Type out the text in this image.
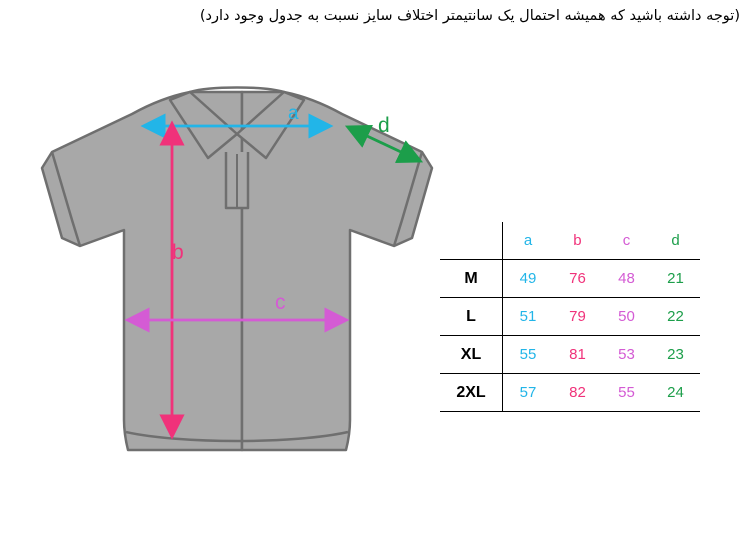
(توجه داشته باشید که همیشه احتمال یک سانتیمتر اختلاف سایز نسبت به جدول وجود دارد)
a
b
c
d
	a	b	c	d
M	49	76	48	21
L	51	79	50	22
XL	55	81	53	23
2XL	57	82	55	24
